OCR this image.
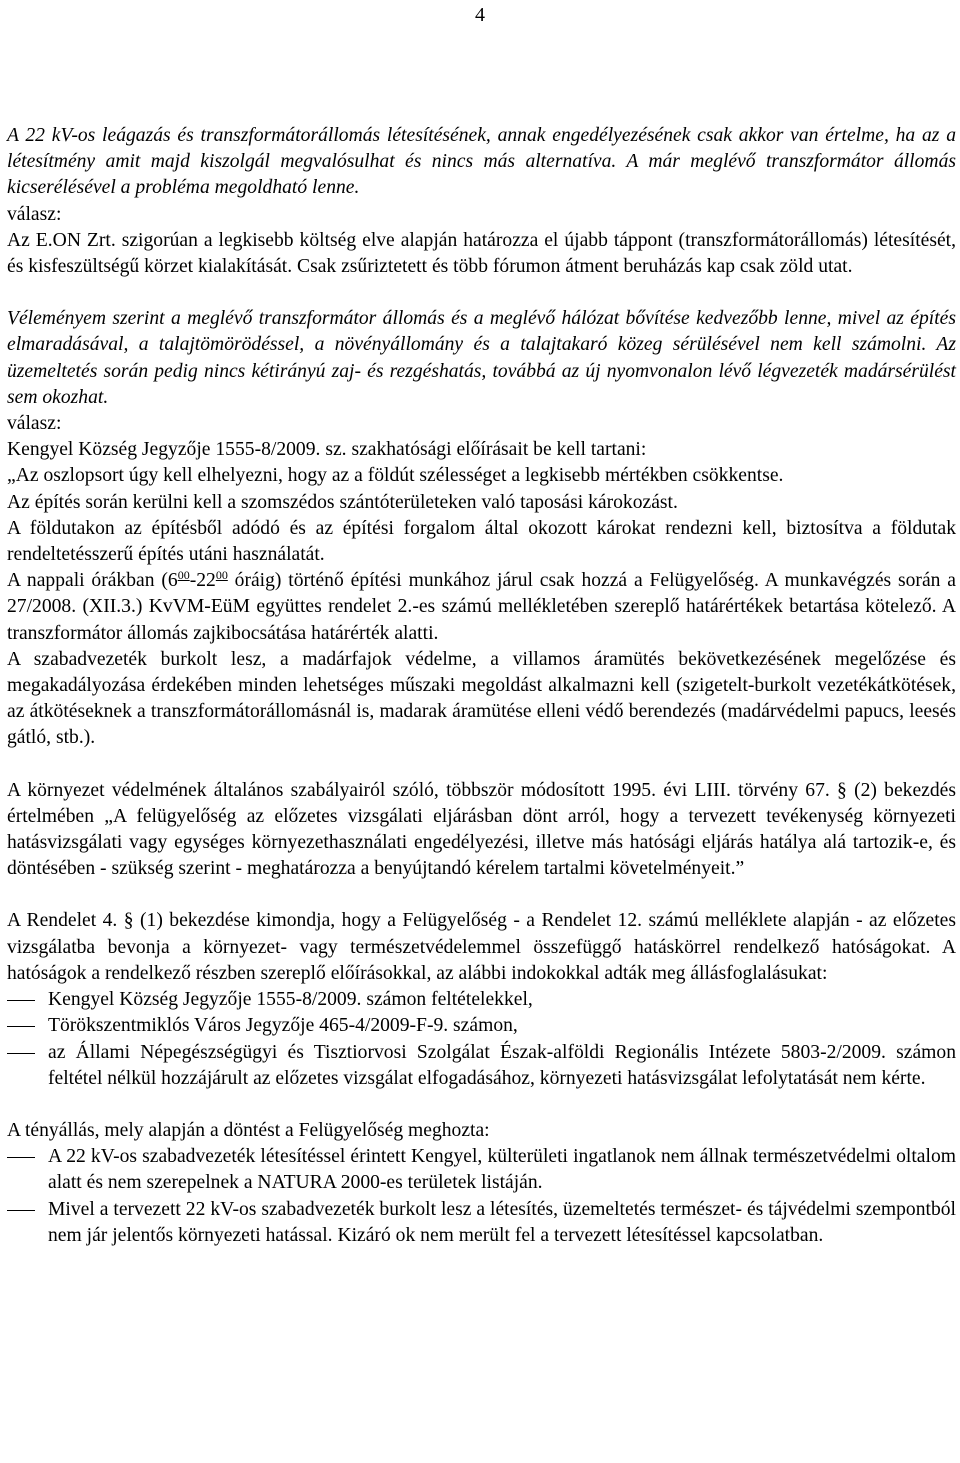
4

A 22 kV-os leágazás és transzformátorállomás létesítésének, annak engedélyezésének csak akkor van értelme, ha az a létesítmény amit majd kiszolgál megvalósulhat és nincs más alternatíva. A már meglévő transzformátor állomás kicserélésével a probléma megoldható lenne.

válasz:

Az E.ON Zrt. szigorúan a legkisebb költség elve alapján határozza el újabb táppont (transzformátorállomás) létesítését, és kisfeszültségű körzet kialakítását. Csak zsűriztetett és több fórumon átment beruházás kap csak zöld utat.

Véleményem szerint a meglévő transzformátor állomás és a meglévő hálózat bővítése kedvezőbb lenne, mivel az építés elmaradásával, a talajtömörödéssel, a növényállomány és a talajtakaró közeg sérülésével nem kell számolni. Az üzemeltetés során pedig nincs kétirányú zaj- és rezgéshatás, továbbá az új nyomvonalon lévő légvezeték madársérülést sem okozhat.

válasz:

Kengyel Község Jegyzője 1555-8/2009. sz. szakhatósági előírásait be kell tartani:

„Az oszlopsort úgy kell elhelyezni, hogy az a földút szélességet a legkisebb mértékben csökkentse.

Az építés során kerülni kell a szomszédos szántóterületeken való taposási károkozást.

A földutakon az építésből adódó és az építési forgalom által okozott károkat rendezni kell, biztosítva a földutak rendeltetésszerű építés utáni használatát.

A nappali órákban ($6^{00}-22^{00}$ óráig) történő építési munkához járul csak hozzá a Felügyelőség. A munkavégzés során a 27/2008. (XII.3.) KvVM-EüM együttes rendelet 2.-es számú mellékletében szereplő határértékek betartása kötelező. A transzformátor állomás zajkibocsátása határérték alatti.

A szabadvezeték burkolt lesz, a madárfajok védelme, a villamos áramütés bekövetkezésének megelőzése és megakadályozása érdekében minden lehetséges műszaki megoldást alkalmazni kell (szigetelt-burkolt vezetékátkötések, az átkötéseknek a transzformátorállomásnál is, madarak áramütése elleni védő berendezés (madárvédelmi papucs, leesés gátló, stb.).

A környezet védelmének általános szabályairól szóló, többször módosított 1995. évi LIII. törvény 67. § (2) bekezdés értelmében „A felügyelőség az előzetes vizsgálati eljárásban dönt arról, hogy a tervezett tevékenység környezeti hatásvizsgálati vagy egységes környezethasználati engedélyezési, illetve más hatósági eljárás hatálya alá tartozik-e, és döntésében - szükség szerint - meghatározza a benyújtandó kérelem tartalmi követelményeit.”

A Rendelet 4. § (1) bekezdése kimondja, hogy a Felügyelőség - a Rendelet 12. számú melléklete alapján - az előzetes vizsgálatba bevonja a környezet- vagy természetvédelemmel összefüggő hatáskörrel rendelkező hatóságokat. A hatóságok a rendelkező részben szereplő előírásokkal, az alábbi indokokkal adták meg állásfoglalásukat:

Kengyel Község Jegyzője 1555-8/2009. számon feltételekkel,
Törökszentmiklós Város Jegyzője 465-4/2009-F-9. számon,
az Állami Népegészségügyi és Tisztiorvosi Szolgálat Észak-alföldi Regionális Intézete 5803-2/2009. számon feltétel nélkül hozzájárult az előzetes vizsgálat elfogadásához, környezeti hatásvizsgálat lefolytatását nem kérte.

A tényállás, mely alapján a döntést a Felügyelőség meghozta:

A 22 kV-os szabadvezeték létesítéssel érintett Kengyel, külterületi ingatlanok nem állnak természetvédelmi oltalom alatt és nem szerepelnek a NATURA 2000-es területek listáján.
Mivel a tervezett 22 kV-os szabadvezeték burkolt lesz a létesítés, üzemeltetés természet- és tájvédelmi szempontból nem jár jelentős környezeti hatással. Kizáró ok nem merült fel a tervezett létesítéssel kapcsolatban.
